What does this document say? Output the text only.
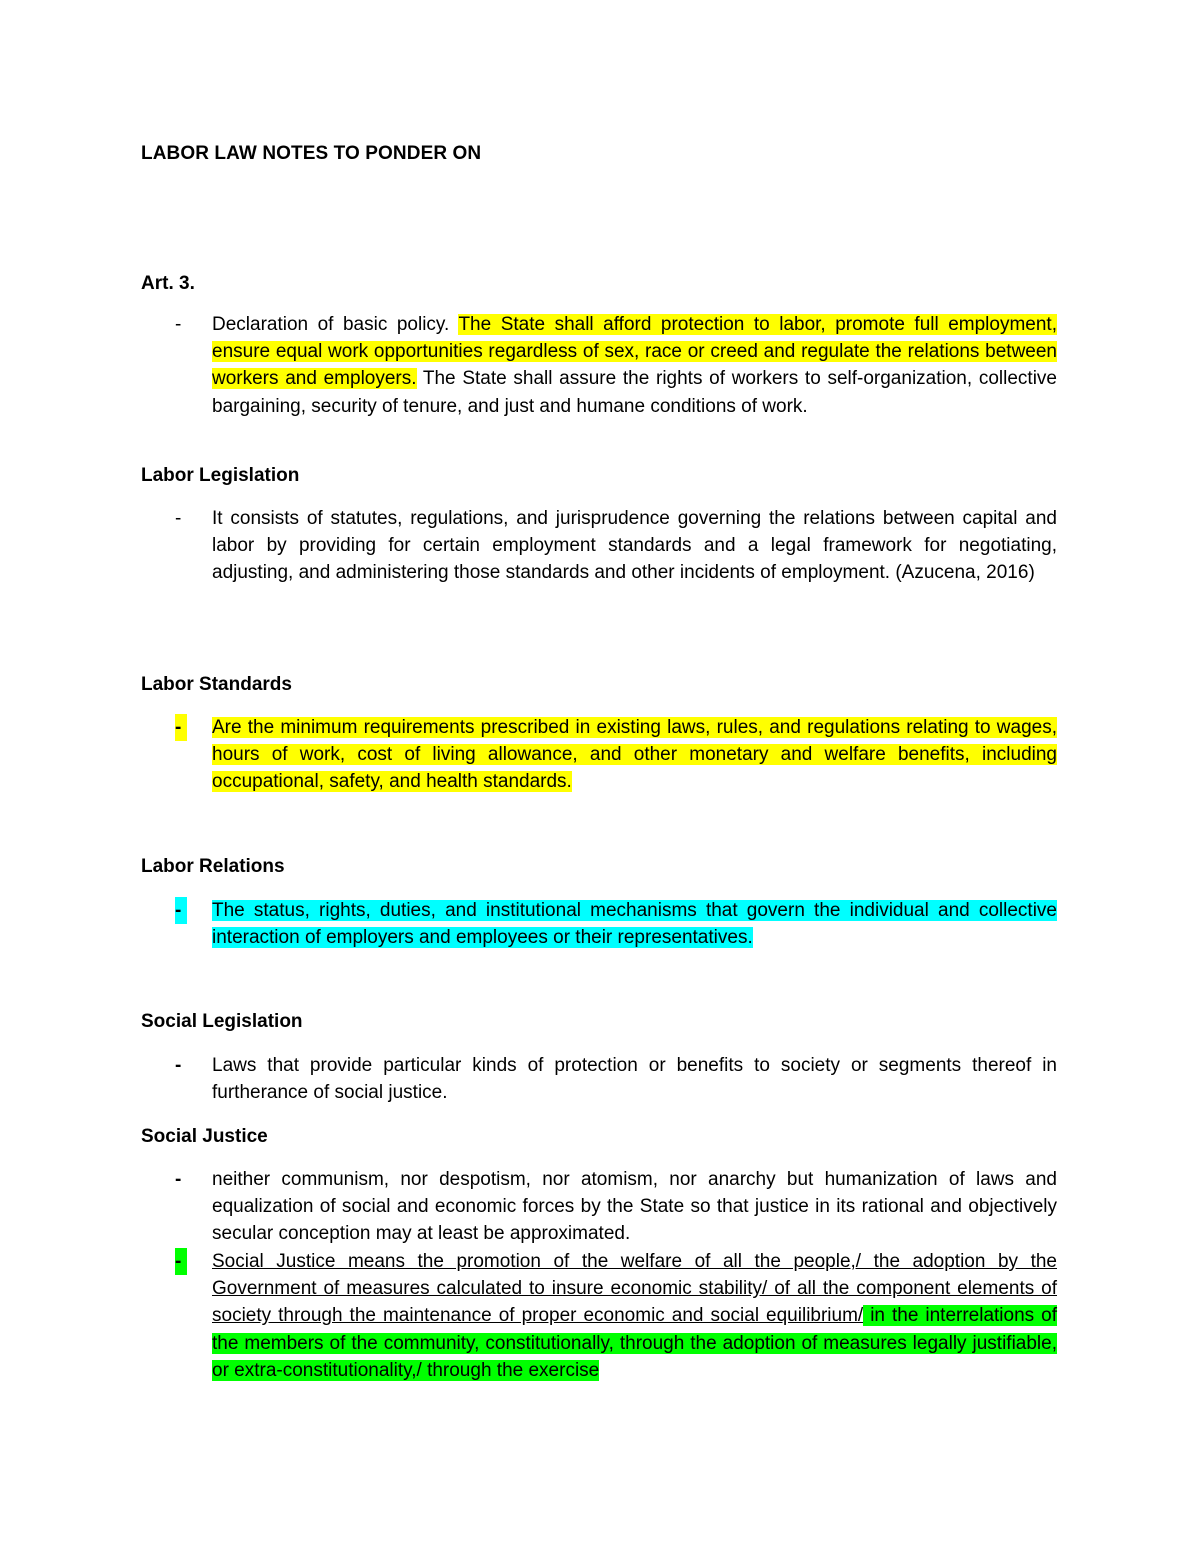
LABOR LAW NOTES TO PONDER ON
Art. 3.
- Declaration of basic policy. The State shall afford protection to labor, promote full employment, ensure equal work opportunities regardless of sex, race or creed and regulate the relations between workers and employers. The State shall assure the rights of workers to self-organization, collective bargaining, security of tenure, and just and humane conditions of work.
Labor Legislation
- It consists of statutes, regulations, and jurisprudence governing the relations between capital and labor by providing for certain employment standards and a legal framework for negotiating, adjusting, and administering those standards and other incidents of employment. (Azucena, 2016)
Labor Standards
- Are the minimum requirements prescribed in existing laws, rules, and regulations relating to wages, hours of work, cost of living allowance, and other monetary and welfare benefits, including occupational, safety, and health standards.
Labor Relations
- The status, rights, duties, and institutional mechanisms that govern the individual and collective interaction of employers and employees or their representatives.
Social Legislation
- Laws that provide particular kinds of protection or benefits to society or segments thereof in furtherance of social justice.
Social Justice
- neither communism, nor despotism, nor atomism, nor anarchy but humanization of laws and equalization of social and economic forces by the State so that justice in its rational and objectively secular conception may at least be approximated.
- Social Justice means the promotion of the welfare of all the people,/ the adoption by the Government of measures calculated to insure economic stability/ of all the component elements of society through the maintenance of proper economic and social equilibrium/ in the interrelations of the members of the community, constitutionally, through the adoption of measures legally justifiable, or extra-constitutionality,/ through the exercise
